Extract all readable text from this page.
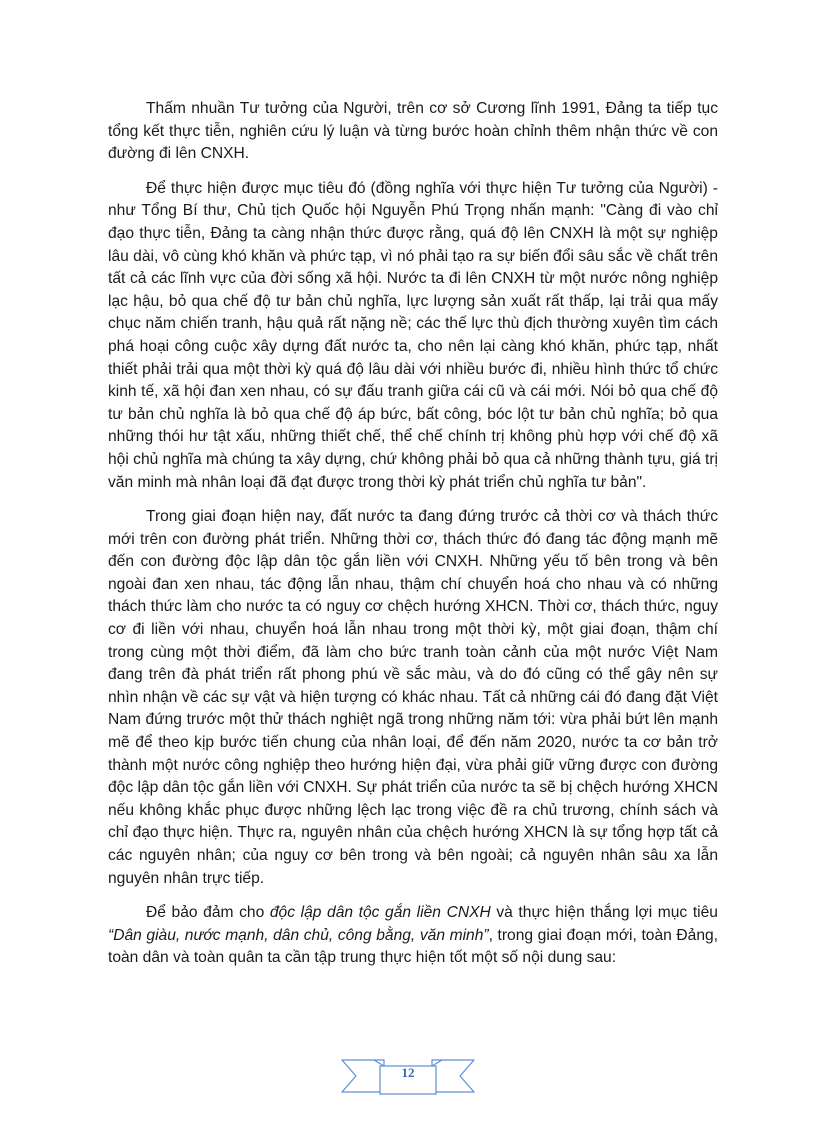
Thấm nhuần Tư tưởng của Người, trên cơ sở Cương lĩnh 1991, Đảng ta tiếp tục tổng kết thực tiễn, nghiên cứu lý luận và từng bước hoàn chỉnh thêm nhận thức về con đường đi lên CNXH.

Để thực hiện được mục tiêu đó (đồng nghĩa với thực hiện Tư tưởng của Người) - như Tổng Bí thư, Chủ tịch Quốc hội Nguyễn Phú Trọng nhấn mạnh: "Càng đi vào chỉ đạo thực tiễn, Đảng ta càng nhận thức được rằng, quá độ lên CNXH là một sự nghiệp lâu dài, vô cùng khó khăn và phức tạp, vì nó phải tạo ra sự biến đổi sâu sắc về chất trên tất cả các lĩnh vực của đời sống xã hội. Nước ta đi lên CNXH từ một nước nông nghiệp lạc hậu, bỏ qua chế độ tư bản chủ nghĩa, lực lượng sản xuất rất thấp, lại trải qua mấy chục năm chiến tranh, hậu quả rất nặng nề; các thế lực thù địch thường xuyên tìm cách phá hoại công cuộc xây dựng đất nước ta, cho nên lại càng khó khăn, phức tạp, nhất thiết phải trải qua một thời kỳ quá độ lâu dài với nhiều bước đi, nhiều hình thức tổ chức kinh tế, xã hội đan xen nhau, có sự đấu tranh giữa cái cũ và cái mới. Nói bỏ qua chế độ tư bản chủ nghĩa là bỏ qua chế độ áp bức, bất công, bóc lột tư bản chủ nghĩa; bỏ qua những thói hư tật xấu, những thiết chế, thể chế chính trị không phù hợp với chế độ xã hội chủ nghĩa mà chúng ta xây dựng, chứ không phải bỏ qua cả những thành tựu, giá trị văn minh mà nhân loại đã đạt được trong thời kỳ phát triển chủ nghĩa tư bản".

Trong giai đoạn hiện nay, đất nước ta đang đứng trước cả thời cơ và thách thức mới trên con đường phát triển. Những thời cơ, thách thức đó đang tác động mạnh mẽ đến con đường độc lập dân tộc gắn liền với CNXH. Những yếu tố bên trong và bên ngoài đan xen nhau, tác động lẫn nhau, thậm chí chuyển hoá cho nhau và có những thách thức làm cho nước ta có nguy cơ chệch hướng XHCN. Thời cơ, thách thức, nguy cơ đi liền với nhau, chuyển hoá lẫn nhau trong một thời kỳ, một giai đoạn, thậm chí trong cùng một thời điểm, đã làm cho bức tranh toàn cảnh của một nước Việt Nam đang trên đà phát triển rất phong phú về sắc màu, và do đó cũng có thể gây nên sự nhìn nhận về các sự vật và hiện tượng có khác nhau. Tất cả những cái đó đang đặt Việt Nam đứng trước một thử thách nghiệt ngã trong những năm tới: vừa phải bứt lên mạnh mẽ để theo kịp bước tiến chung của nhân loại, để đến năm 2020, nước ta cơ bản trở thành một nước công nghiệp theo hướng hiện đại, vừa phải giữ vững được con đường độc lập dân tộc gắn liền với CNXH. Sự phát triển của nước ta sẽ bị chệch hướng XHCN nếu không khắc phục được những lệch lạc trong việc đề ra chủ trương, chính sách và chỉ đạo thực hiện. Thực ra, nguyên nhân của chệch hướng XHCN là sự tổng hợp tất cả các nguyên nhân; của nguy cơ bên trong và bên ngoài; cả nguyên nhân sâu xa lẫn nguyên nhân trực tiếp.

Để bảo đảm cho độc lập dân tộc gắn liền CNXH và thực hiện thắng lợi mục tiêu “Dân giàu, nước mạnh, dân chủ, công bằng, văn minh”, trong giai đoạn mới, toàn Đảng, toàn dân và toàn quân ta cần tập trung thực hiện tốt một số nội dung sau:

12
